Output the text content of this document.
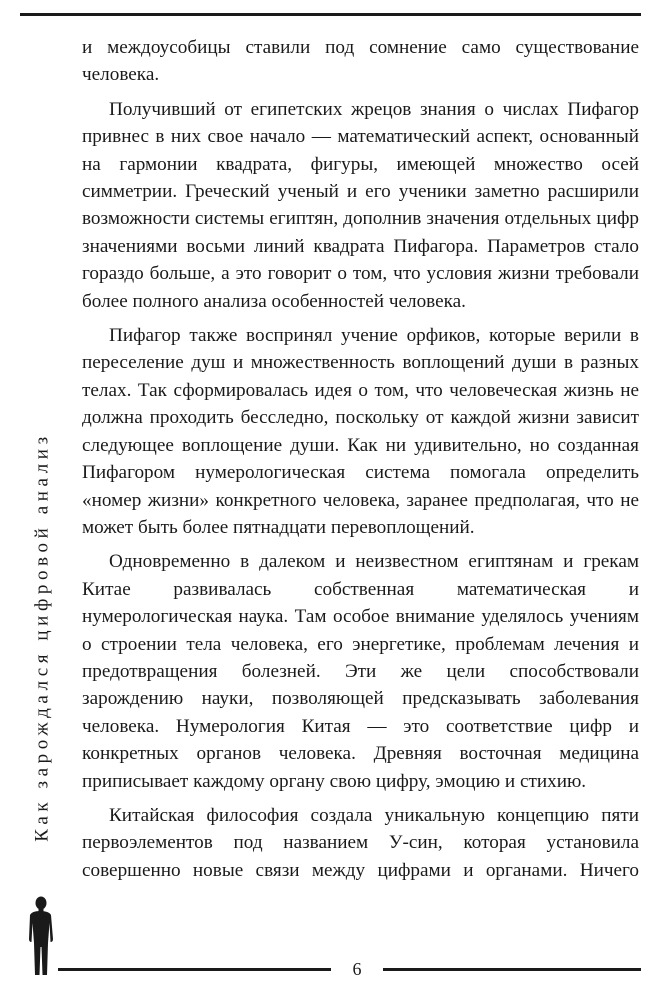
и междоусобицы ставили под сомнение само существование человека.

Получивший от египетских жрецов знания о числах Пифагор привнес в них свое начало — математический аспект, основанный на гармонии квадрата, фигуры, имеющей множество осей симметрии. Греческий ученый и его ученики заметно расширили возможности системы египтян, дополнив значения отдельных цифр значениями восьми линий квадрата Пифагора. Параметров стало гораздо больше, а это говорит о том, что условия жизни требовали более полного анализа особенностей человека.

Пифагор также воспринял учение орфиков, которые верили в переселение душ и множественность воплощений души в разных телах. Так сформировалась идея о том, что человеческая жизнь не должна проходить бесследно, поскольку от каждой жизни зависит следующее воплощение души. Как ни удивительно, но созданная Пифагором нумерологическая система помогала определить «номер жизни» конкретного человека, заранее предполагая, что не может быть более пятнадцати перевоплощений.

Одновременно в далеком и неизвестном египтянам и грекам Китае развивалась собственная математическая и нумерологическая наука. Там особое внимание уделялось учениям о строении тела человека, его энергетике, проблемам лечения и предотвращения болезней. Эти же цели способствовали зарождению науки, позволяющей предсказывать заболевания человека. Нумерология Китая — это соответствие цифр и конкретных органов человека. Древняя восточная медицина приписывает каждому органу свою цифру, эмоцию и стихию.

Китайская философия создала уникальную концепцию пяти первоэлементов под названием У-син, которая установила совершенно новые связи между цифрами и органами. Ничего

Как зарождался цифровой анализ
6
